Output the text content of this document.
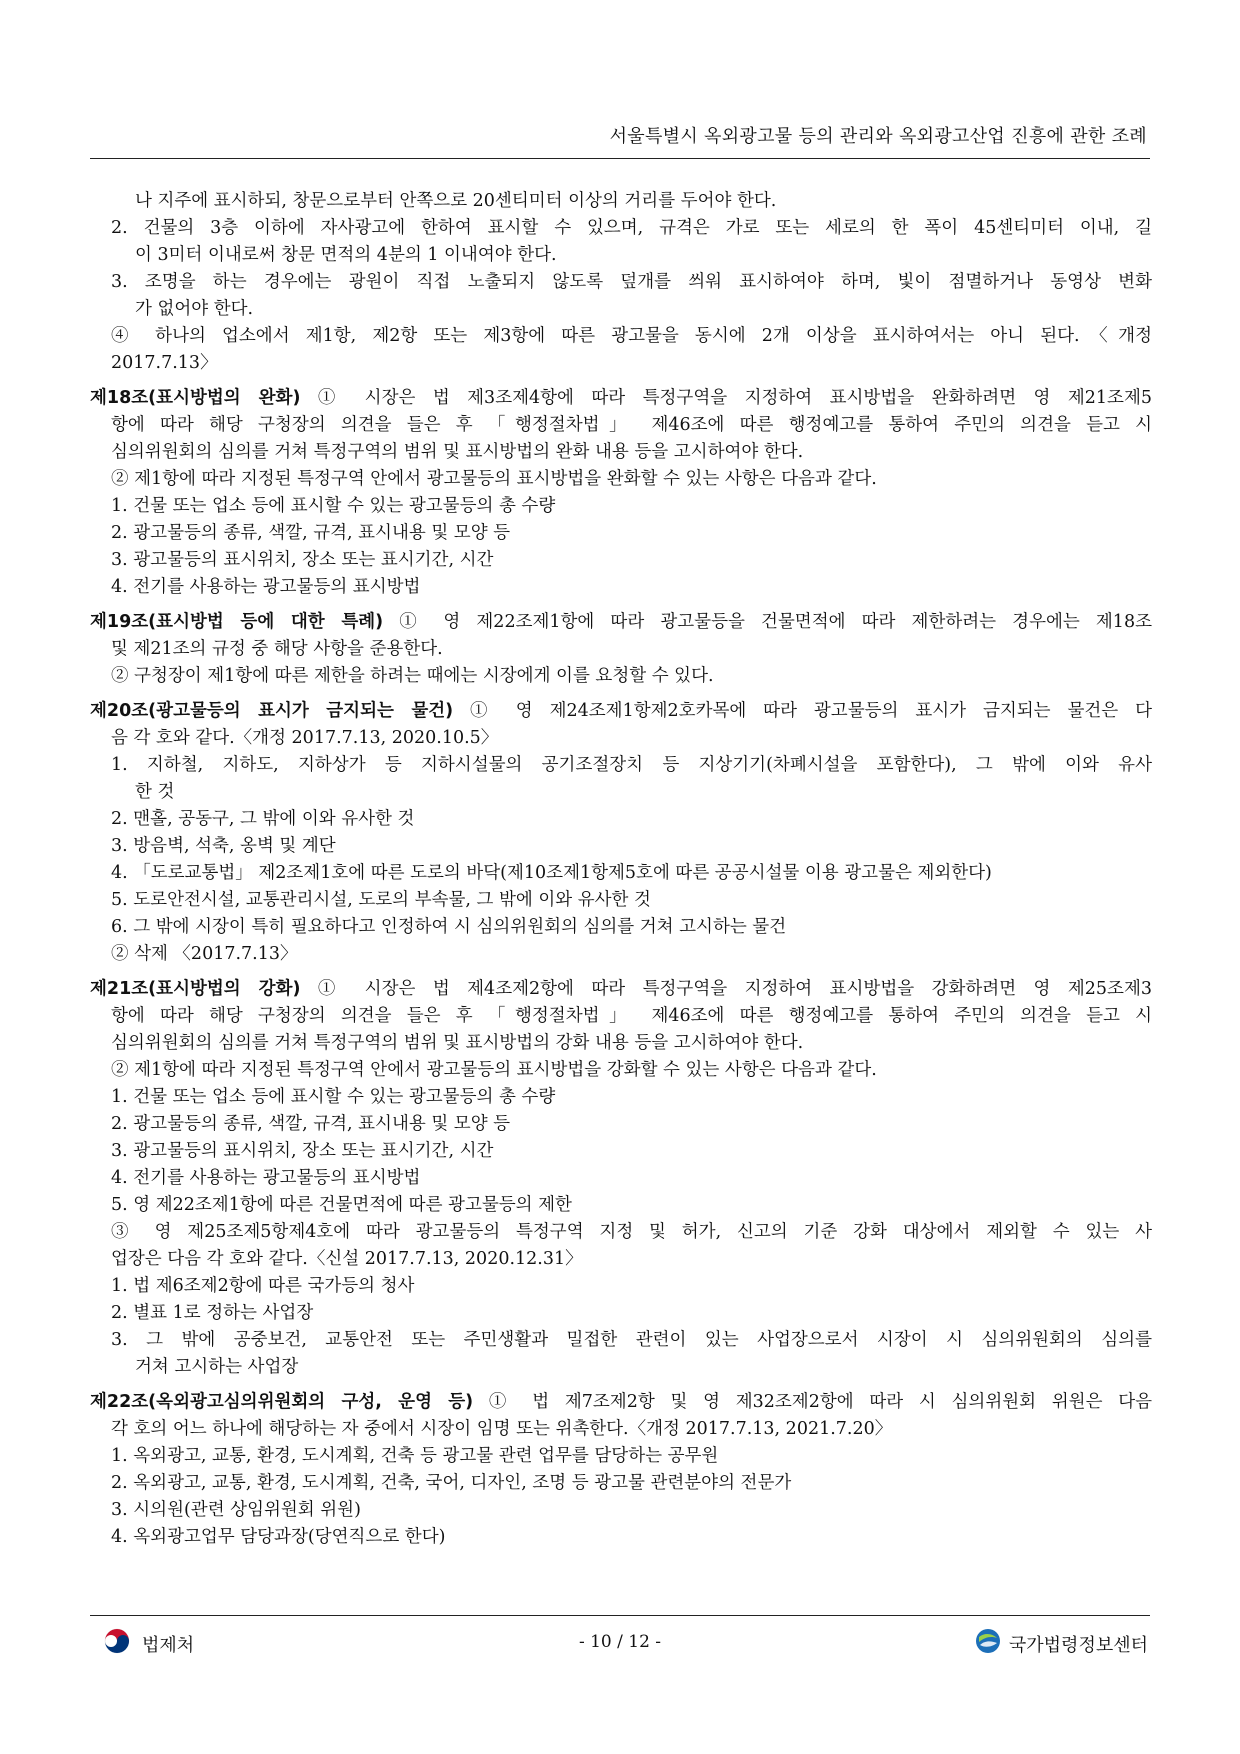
서울특별시 옥외광고물 등의 관리와 옥외광고산업 진흥에 관한 조례
나 지주에 표시하되, 창문으로부터 안쪽으로 20센티미터 이상의 거리를 두어야 한다.
2. 건물의 3층 이하에 자사광고에 한하여 표시할 수 있으며, 규격은 가로 또는 세로의 한 폭이 45센티미터 이내, 길
이 3미터 이내로써 창문 면적의 4분의 1 이내여야 한다.
3. 조명을 하는 경우에는 광원이 직접 노출되지 않도록 덮개를 씌워 표시하여야 하며, 빛이 점멸하거나 동영상 변화
가 없어야 한다.
④ 하나의 업소에서 제1항, 제2항 또는 제3항에 따른 광고물을 동시에 2개 이상을 표시하여서는 아니 된다.〈개정
2017.7.13〉
제18조(표시방법의 완화) ① 시장은 법 제3조제4항에 따라 특정구역을 지정하여 표시방법을 완화하려면 영 제21조제5
항에 따라 해당 구청장의 의견을 들은 후 「행정절차법」 제46조에 따른 행정예고를 통하여 주민의 의견을 듣고 시
심의위원회의 심의를 거쳐 특정구역의 범위 및 표시방법의 완화 내용 등을 고시하여야 한다.
② 제1항에 따라 지정된 특정구역 안에서 광고물등의 표시방법을 완화할 수 있는 사항은 다음과 같다.
1. 건물 또는 업소 등에 표시할 수 있는 광고물등의 총 수량
2. 광고물등의 종류, 색깔, 규격, 표시내용 및 모양 등
3. 광고물등의 표시위치, 장소 또는 표시기간, 시간
4. 전기를 사용하는 광고물등의 표시방법
제19조(표시방법 등에 대한 특례) ① 영 제22조제1항에 따라 광고물등을 건물면적에 따라 제한하려는 경우에는 제18조
및 제21조의 규정 중 해당 사항을 준용한다.
② 구청장이 제1항에 따른 제한을 하려는 때에는 시장에게 이를 요청할 수 있다.
제20조(광고물등의 표시가 금지되는 물건) ① 영 제24조제1항제2호카목에 따라 광고물등의 표시가 금지되는 물건은 다
음 각 호와 같다.〈개정 2017.7.13, 2020.10.5〉
1. 지하철, 지하도, 지하상가 등 지하시설물의 공기조절장치 등 지상기기(차폐시설을 포함한다), 그 밖에 이와 유사
한 것
2. 맨홀, 공동구, 그 밖에 이와 유사한 것
3. 방음벽, 석축, 옹벽 및 계단
4. 「도로교통법」 제2조제1호에 따른 도로의 바닥(제10조제1항제5호에 따른 공공시설물 이용 광고물은 제외한다)
5. 도로안전시설, 교통관리시설, 도로의 부속물, 그 밖에 이와 유사한 것
6. 그 밖에 시장이 특히 필요하다고 인정하여 시 심의위원회의 심의를 거쳐 고시하는 물건
② 삭제 〈2017.7.13〉
제21조(표시방법의 강화) ① 시장은 법 제4조제2항에 따라 특정구역을 지정하여 표시방법을 강화하려면 영 제25조제3
항에 따라 해당 구청장의 의견을 들은 후 「행정절차법」 제46조에 따른 행정예고를 통하여 주민의 의견을 듣고 시
심의위원회의 심의를 거쳐 특정구역의 범위 및 표시방법의 강화 내용 등을 고시하여야 한다.
② 제1항에 따라 지정된 특정구역 안에서 광고물등의 표시방법을 강화할 수 있는 사항은 다음과 같다.
1. 건물 또는 업소 등에 표시할 수 있는 광고물등의 총 수량
2. 광고물등의 종류, 색깔, 규격, 표시내용 및 모양 등
3. 광고물등의 표시위치, 장소 또는 표시기간, 시간
4. 전기를 사용하는 광고물등의 표시방법
5. 영 제22조제1항에 따른 건물면적에 따른 광고물등의 제한
③ 영 제25조제5항제4호에 따라 광고물등의 특정구역 지정 및 허가, 신고의 기준 강화 대상에서 제외할 수 있는 사
업장은 다음 각 호와 같다.〈신설 2017.7.13, 2020.12.31〉
1. 법 제6조제2항에 따른 국가등의 청사
2. 별표 1로 정하는 사업장
3. 그 밖에 공중보건, 교통안전 또는 주민생활과 밀접한 관련이 있는 사업장으로서 시장이 시 심의위원회의 심의를
거쳐 고시하는 사업장
제22조(옥외광고심의위원회의 구성, 운영 등) ① 법 제7조제2항 및 영 제32조제2항에 따라 시 심의위원회 위원은 다음
각 호의 어느 하나에 해당하는 자 중에서 시장이 임명 또는 위촉한다.〈개정 2017.7.13, 2021.7.20〉
1. 옥외광고, 교통, 환경, 도시계획, 건축 등 광고물 관련 업무를 담당하는 공무원
2. 옥외광고, 교통, 환경, 도시계획, 건축, 국어, 디자인, 조명 등 광고물 관련분야의 전문가
3. 시의원(관련 상임위원회 위원)
4. 옥외광고업무 담당과장(당연직으로 한다)
법제처	- 10 / 12 -	국가법령정보센터
